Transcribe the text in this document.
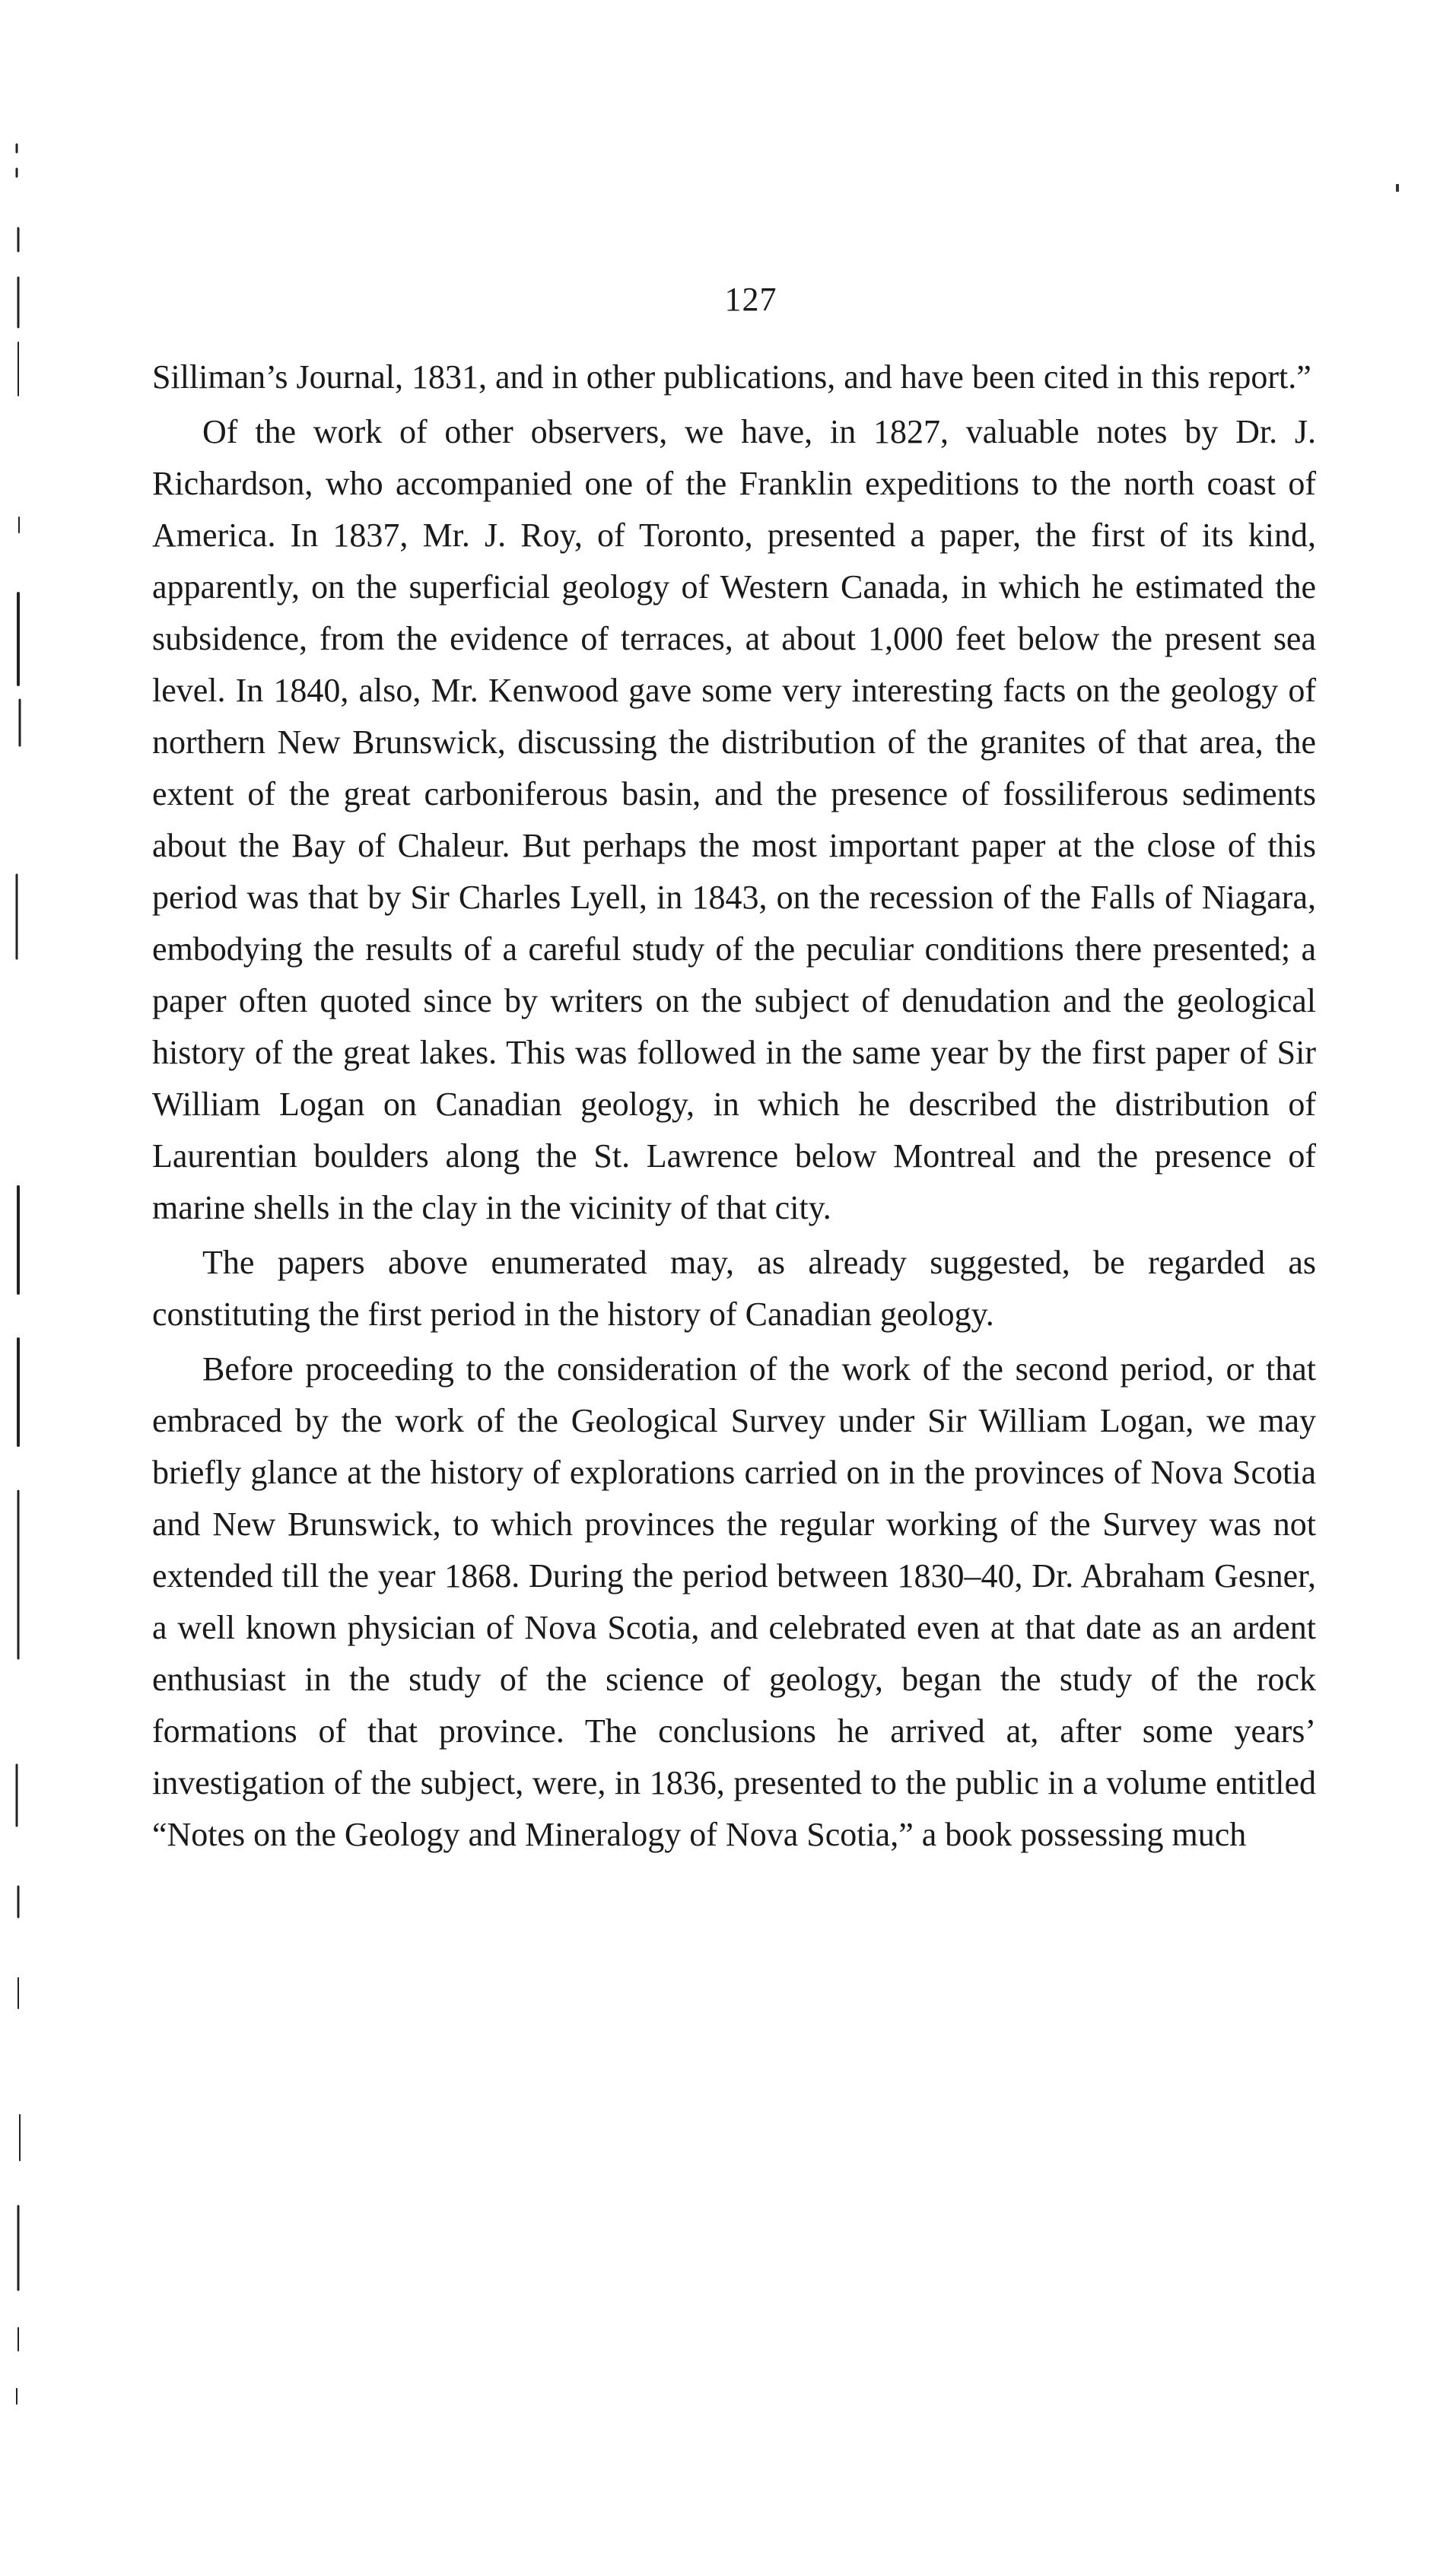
127

Silliman’s Journal, 1831, and in other publications, and have been cited in this report.”

Of the work of other observers, we have, in 1827, valuable notes by Dr. J. Richardson, who accompanied one of the Franklin expeditions to the north coast of America. In 1837, Mr. J. Roy, of Toronto, presented a paper, the first of its kind, apparently, on the superficial geology of Western Canada, in which he estimated the subsidence, from the evidence of terraces, at about 1,000 feet below the present sea level. In 1840, also, Mr. Kenwood gave some very interesting facts on the geology of northern New Brunswick, discussing the distribution of the granites of that area, the extent of the great carboniferous basin, and the presence of fossiliferous sediments about the Bay of Chaleur. But perhaps the most important paper at the close of this period was that by Sir Charles Lyell, in 1843, on the recession of the Falls of Niagara, embodying the results of a careful study of the peculiar conditions there presented; a paper often quoted since by writers on the subject of denudation and the geological history of the great lakes. This was followed in the same year by the first paper of Sir William Logan on Canadian geology, in which he described the distribution of Laurentian boulders along the St. Lawrence below Montreal and the presence of marine shells in the clay in the vicinity of that city.

The papers above enumerated may, as already suggested, be regarded as constituting the first period in the history of Canadian geology.

Before proceeding to the consideration of the work of the second period, or that embraced by the work of the Geological Survey under Sir William Logan, we may briefly glance at the history of explorations carried on in the provinces of Nova Scotia and New Brunswick, to which provinces the regular working of the Survey was not extended till the year 1868. During the period between 1830–40, Dr. Abraham Gesner, a well known physician of Nova Scotia, and celebrated even at that date as an ardent enthusiast in the study of the science of geology, began the study of the rock formations of that province. The conclusions he arrived at, after some years’ investigation of the subject, were, in 1836, presented to the public in a volume entitled “Notes on the Geology and Mineralogy of Nova Scotia,” a book possessing much
